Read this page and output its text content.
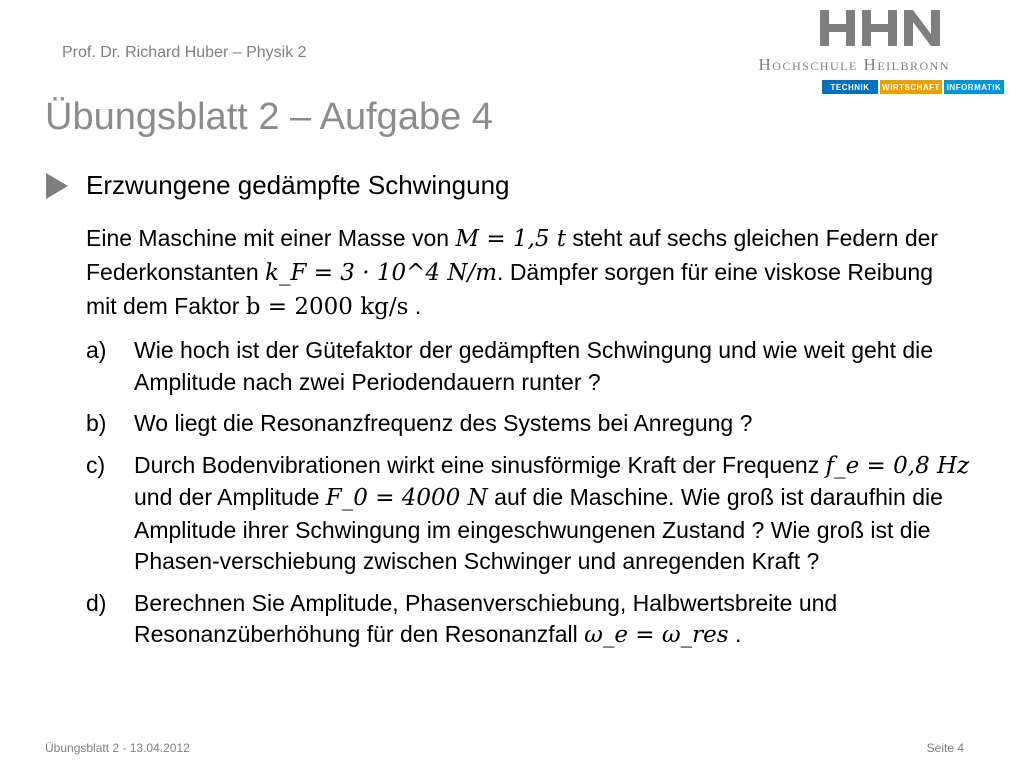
Prof. Dr. Richard Huber – Physik 2
Hochschule Heilbronn
TECHNIK	WIRTSCHAFT INFORMATIK
Übungsblatt 2 – Aufgabe 4
Erzwungene gedämpfte Schwingung
Eine Maschine mit einer Masse von M = 1,5 t steht auf sechs gleichen Federn der Federkonstanten k_F = 3 · 10^4 N/m. Dämpfer sorgen für eine viskose Reibung mit dem Faktor b = 2000 kg/s .
a)	Wie hoch ist der Gütefaktor der gedämpften Schwingung und wie weit geht die Amplitude nach zwei Periodendauern runter ?
b)	Wo liegt die Resonanzfrequenz des Systems bei Anregung ?
c)	Durch Bodenvibrationen wirkt eine sinusförmige Kraft der Frequenz f_e = 0,8 Hz und der Amplitude F_0 = 4000 N auf die Maschine. Wie groß ist daraufhin die Amplitude ihrer Schwingung im eingeschwungenen Zustand ? Wie groß ist die Phasen-verschiebung zwischen Schwinger und anregenden Kraft ?
d)	Berechnen Sie Amplitude, Phasenverschiebung, Halbwertsbreite und Resonanzüberhöhung für den Resonanzfall ω_e = ω_res .
Übungsblatt 2 - 13.04.2012	Seite 4
